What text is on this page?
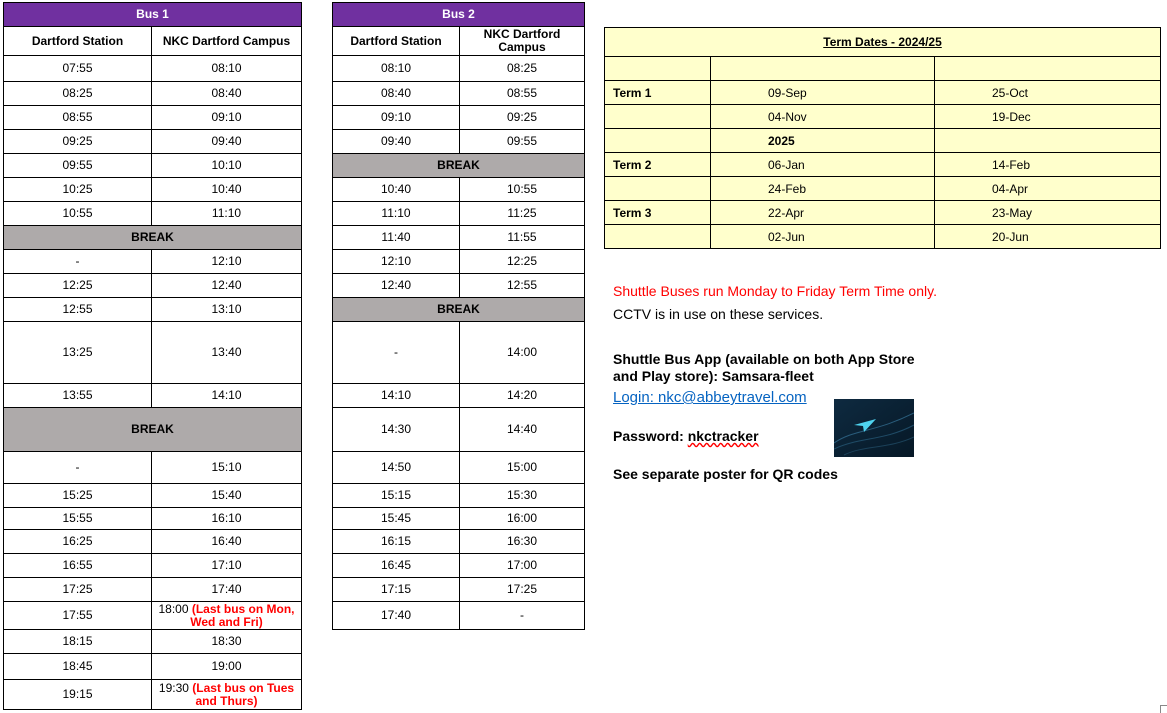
Bus 1	
Dartford Station	NKC Dartford Campus
07:55	08:10
08:25	08:40
08:55	09:10
09:25	09:40
09:55	10:10
10:25	10:40
10:55	11:10
BREAK	
-	12:10
12:25	12:40
12:55	13:10
13:25	13:40
13:55	14:10
BREAK	
-	15:10
15:25	15:40
15:55	16:10
16:25	16:40
16:55	17:10
17:25	17:40
17:55	18:00 (Last bus on Mon, Wed and Fri)
18:15	18:30
18:45	19:00
19:15	19:30 (Last bus on Tues and Thurs)
Bus 2	
Dartford Station	NKC Dartford Campus
08:10	08:25
08:40	08:55
09:10	09:25
09:40	09:55
BREAK	
10:40	10:55
11:10	11:25
11:40	11:55
12:10	12:25
12:40	12:55
BREAK	
-	14:00
14:10	14:20
14:30	14:40
14:50	15:00
15:15	15:30
15:45	16:00
16:15	16:30
16:45	17:00
17:15	17:25
17:40	-
Term Dates - 2024/25		

Term 1	09-Sep	25-Oct
	04-Nov	19-Dec
	2025	
Term 2	06-Jan	14-Feb
	24-Feb	04-Apr
Term 3	22-Apr	23-May
	02-Jun	20-Jun
Shuttle Buses run Monday to Friday Term Time only.
CCTV is in use on these services.
Shuttle Bus App (available on both App Store
and Play store): Samsara-fleet
Login: nkc@abbeytravel.com
Password: nkctracker
See separate poster for QR codes
